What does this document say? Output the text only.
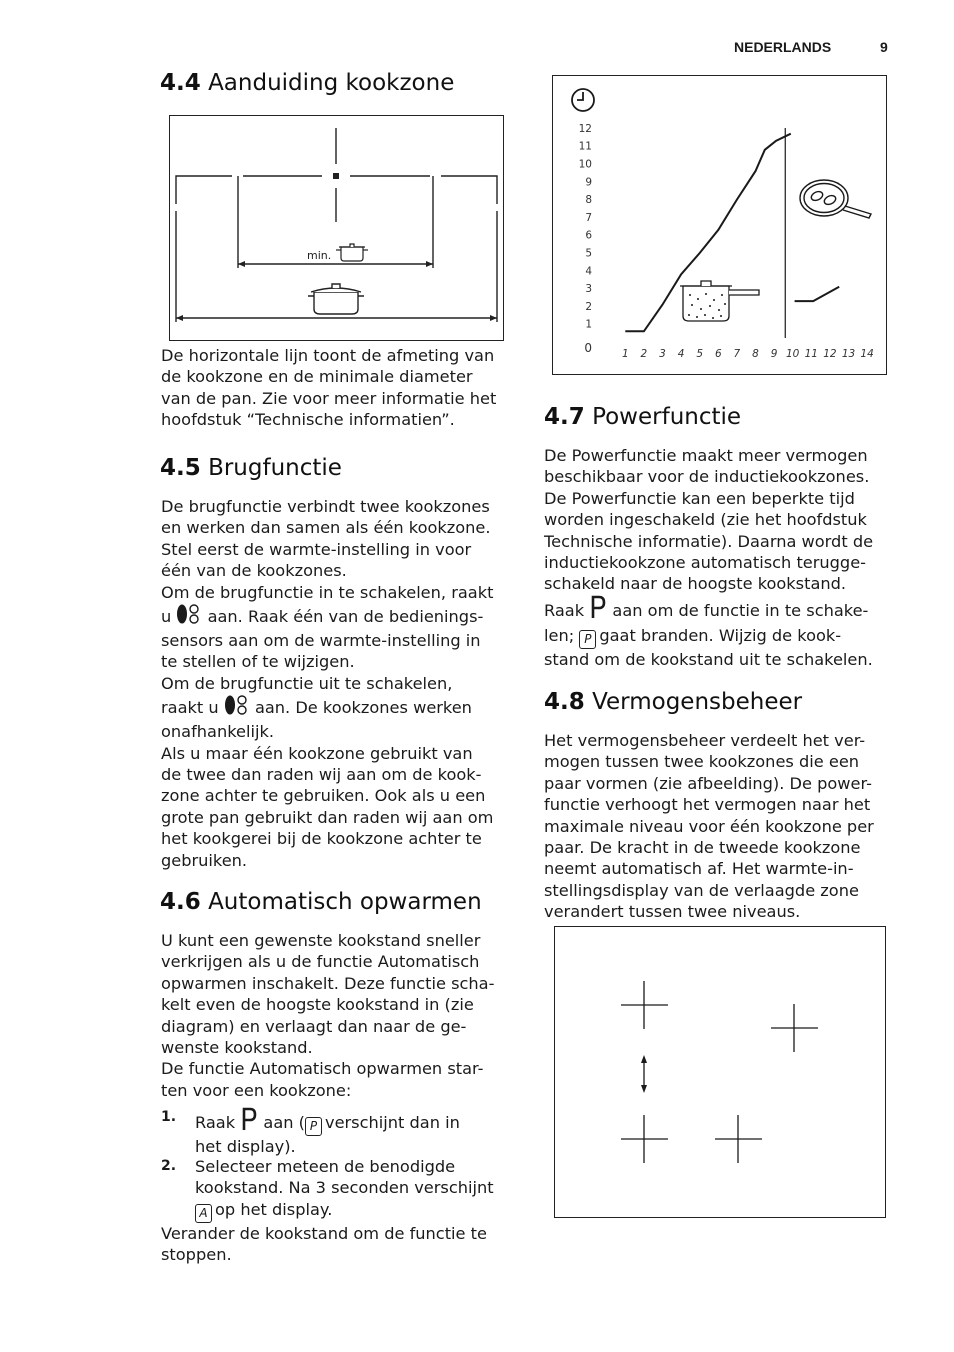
NEDERLANDS	9
4.4 Aanduiding kookzone
min.
De horizontale lijn toont de afmeting van
de kookzone en de minimale diameter
van de pan. Zie voor meer informatie het
hoofdstuk “Technische informatien”.
4.5 Brugfunctie
De brugfunctie verbindt twee kookzones
en werken dan samen als één kookzone.
Stel eerst de warmte-instelling in voor
één van de kookzones.
Om de brugfunctie in te schakelen, raakt
u aan. Raak één van de bedienings-
sensors aan om de warmte-instelling in
te stellen of te wijzigen.
Om de brugfunctie uit te schakelen,
raakt u aan. De kookzones werken
onafhankelijk.
Als u maar één kookzone gebruikt van
de twee dan raden wij aan om de kook-
zone achter te gebruiken. Ook als u een
grote pan gebruikt dan raden wij aan om
het kookgerei bij de kookzone achter te
gebruiken.
4.6 Automatisch opwarmen
U kunt een gewenste kookstand sneller
verkrijgen als u de functie Automatisch
opwarmen inschakelt. Deze functie scha-
kelt even de hoogste kookstand in (zie
diagram) en verlaagt dan naar de ge-
wenste kookstand.
De functie Automatisch opwarmen star-
ten voor een kookzone:
1. Raak aan ( P verschijnt dan in
het display).
2. Selecteer meteen de benodigde
kookstand. Na 3 seconden verschijnt
A op het display.
Verander de kookstand om de functie te
stoppen.
0
1
2
3
4
5
6
7
8
9
10
11
12
1 2 3 4 5 6 7 8 9 10 11 12 13 14
4.7 Powerfunctie
De Powerfunctie maakt meer vermogen
beschikbaar voor de inductiekookzones.
De Powerfunctie kan een beperkte tijd
worden ingeschakeld (zie het hoofdstuk
Technische informatie). Daarna wordt de
inductiekookzone automatisch terugge-
schakeld naar de hoogste kookstand.
Raak aan om de functie in te schake-
len; P gaat branden. Wijzig de kook-
stand om de kookstand uit te schakelen.
4.8 Vermogensbeheer
Het vermogensbeheer verdeelt het ver-
mogen tussen twee kookzones die een
paar vormen (zie afbeelding). De power-
functie verhoogt het vermogen naar het
maximale niveau voor één kookzone per
paar. De kracht in de tweede kookzone
neemt automatisch af. Het warmte-in-
stellingsdisplay van de verlaagde zone
verandert tussen twee niveaus.
